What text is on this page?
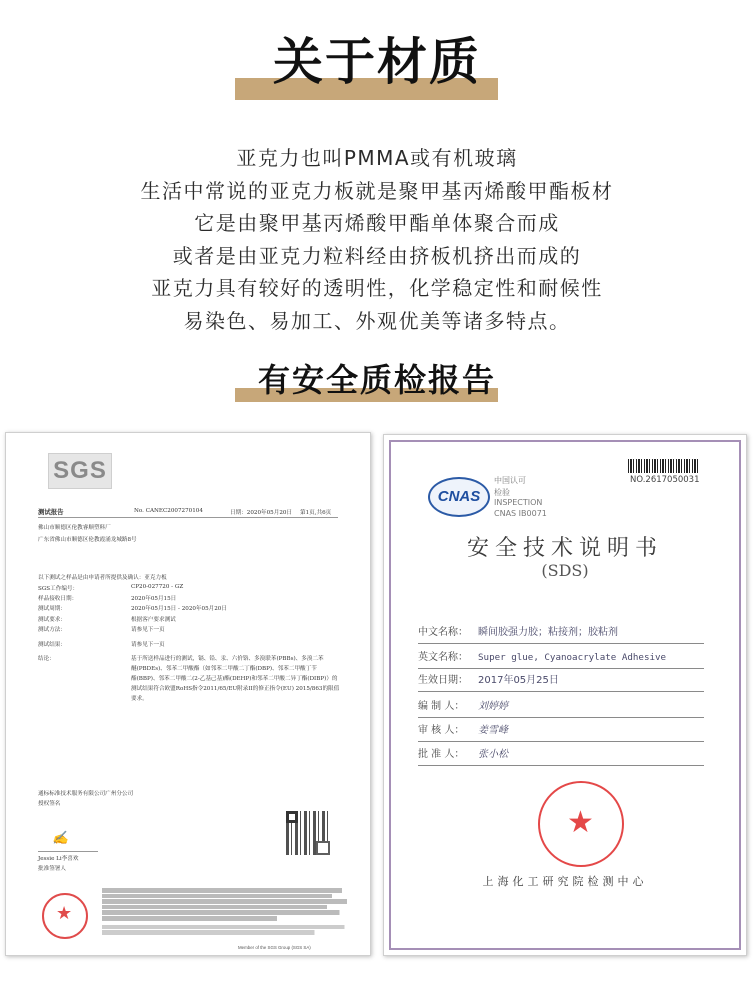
关于材质
亚克力也叫PMMA或有机玻璃
生活中常说的亚克力板就是聚甲基丙烯酸甲酯板材
它是由聚甲基丙烯酸甲酯单体聚合而成
或者是由亚克力粒料经由挤板机挤出而成的
亚克力具有较好的透明性，化学稳定性和耐候性
易染色、易加工、外观优美等诸多特点。
有安全质检报告
SGS
测试报告	No. CANEC2007270104	日期：2020年05月20日 第1页,共6页
佛山市顺德区伦教睿顺塑料厂
广东省佛山市顺德区伦教霞涌龙城路8号
以下测试之样品是由申请者所提供及确认：亚克力板
SGS工作编号：	CP20-027720 - GZ
样品接收日期：	2020年05月15日
测试周期：	2020年05月15日 - 2020年05月20日
测试要求：	根据客户要求测试
测试方法：	请参见下一页
测试结果：	请参见下一页
结论：	基于所送样品进行的测试，镉、铅、汞、六价铬、多溴联苯(PBBs)、多溴二苯
醚(PBDEs)、邻苯二甲酸酯（如邻苯二甲酸二丁酯(DBP)、邻苯二甲酸丁苄
酯(BBP)、邻苯二甲酸二(2-乙基己基)酯(DEHP)和邻苯二甲酸二异丁酯(DIBP)）的
测试结果符合欧盟RoHS指令2011/65/EU附录II的修正指令(EU) 2015/863的限值
要求。
通标标准技术服务有限公司广州分公司
授权签名
✍
Jessie Li李喜欢
批准签署人
★
Member of the SGS Group (SGS SA)
CNAS
中国认可
检验
INSPECTION
CNAS IB0071
NO.2617050031
安全技术说明书
(SDS)
中文名称： 瞬间胶强力胶；粘接剂；胶粘剂
英文名称： Super glue, Cyanoacrylate Adhesive
生效日期： 2017年05月25日
编 制 人： 刘婷婷
审 核 人： 姜雪峰
批 准 人： 张小松
★
上海化工研究院检测中心
